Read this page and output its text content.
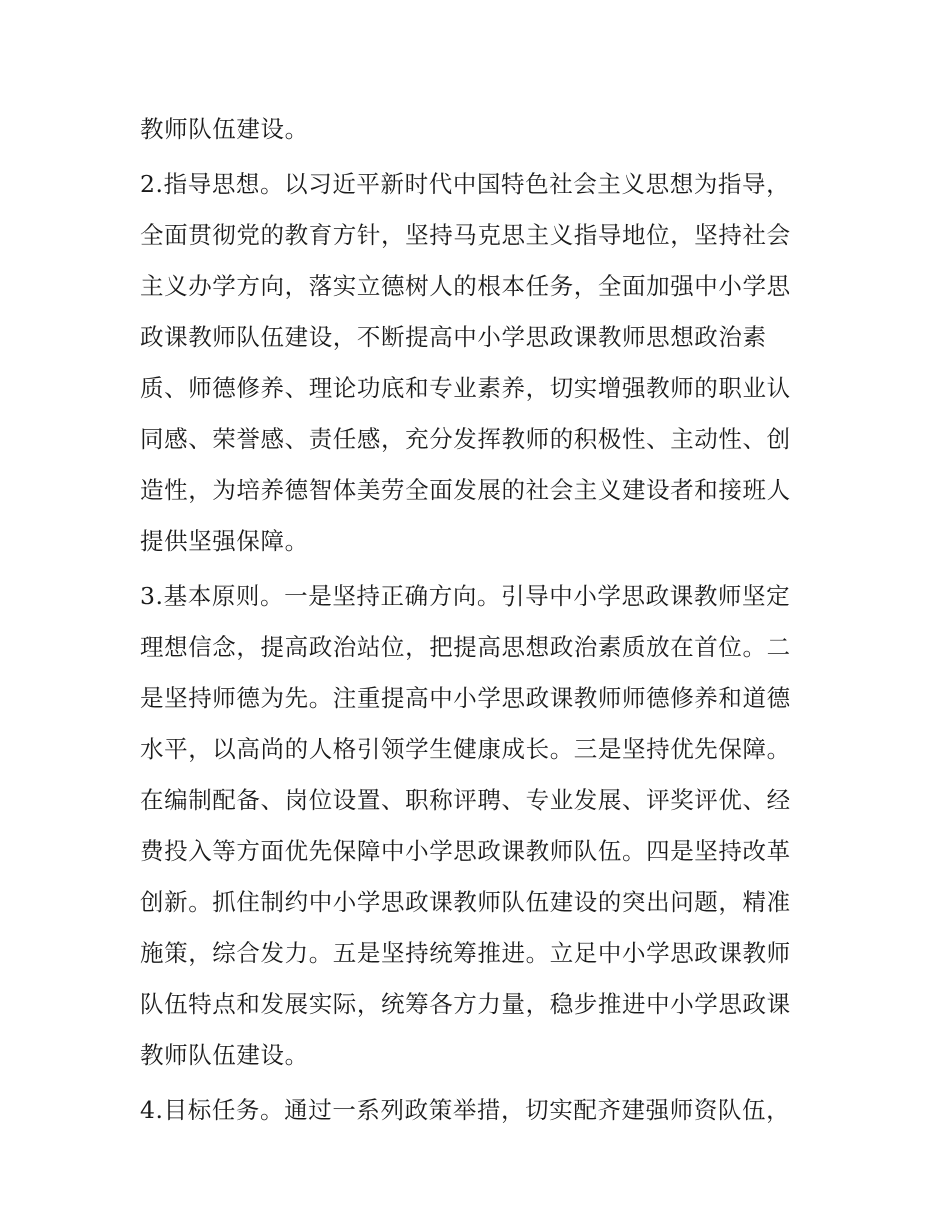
教师队伍建设。
2.指导思想。以习近平新时代中国特色社会主义思想为指导，
全面贯彻党的教育方针，坚持马克思主义指导地位，坚持社会
主义办学方向，落实立德树人的根本任务，全面加强中小学思
政课教师队伍建设，不断提高中小学思政课教师思想政治素
质、师德修养、理论功底和专业素养，切实增强教师的职业认
同感、荣誉感、责任感，充分发挥教师的积极性、主动性、创
造性，为培养德智体美劳全面发展的社会主义建设者和接班人
提供坚强保障。
3.基本原则。一是坚持正确方向。引导中小学思政课教师坚定
理想信念，提高政治站位，把提高思想政治素质放在首位。二
是坚持师德为先。注重提高中小学思政课教师师德修养和道德
水平，以高尚的人格引领学生健康成长。三是坚持优先保障。
在编制配备、岗位设置、职称评聘、专业发展、评奖评优、经
费投入等方面优先保障中小学思政课教师队伍。四是坚持改革
创新。抓住制约中小学思政课教师队伍建设的突出问题，精准
施策，综合发力。五是坚持统筹推进。立足中小学思政课教师
队伍特点和发展实际，统筹各方力量，稳步推进中小学思政课
教师队伍建设。
4.目标任务。通过一系列政策举措，切实配齐建强师资队伍，
